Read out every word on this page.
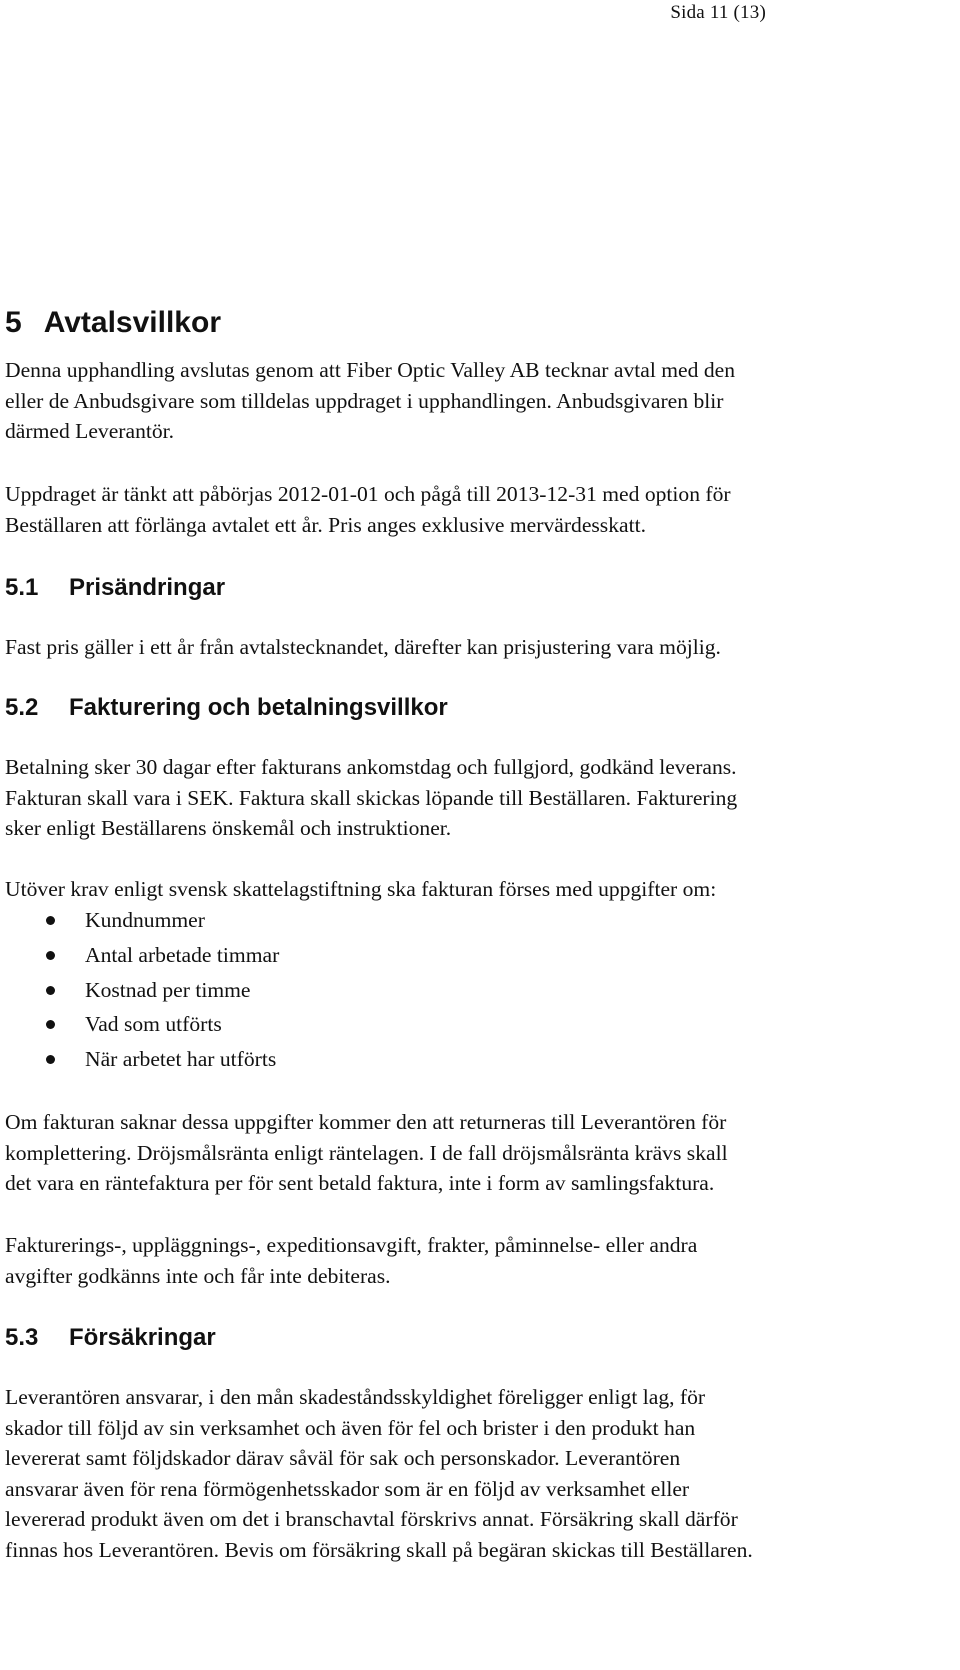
Sida 11 (13)
5 Avtalsvillkor
Denna upphandling avslutas genom att Fiber Optic Valley AB tecknar avtal med den
eller de Anbudsgivare som tilldelas uppdraget i upphandlingen. Anbudsgivaren blir
därmed Leverantör.
Uppdraget är tänkt att påbörjas 2012-01-01 och pågå till 2013-12-31 med option för
Beställaren att förlänga avtalet ett år. Pris anges exklusive mervärdesskatt.
5.1 Prisändringar
Fast pris gäller i ett år från avtalstecknandet, därefter kan prisjustering vara möjlig.
5.2 Fakturering och betalningsvillkor
Betalning sker 30 dagar efter fakturans ankomstdag och fullgjord, godkänd leverans.
Fakturan skall vara i SEK. Faktura skall skickas löpande till Beställaren. Fakturering
sker enligt Beställarens önskemål och instruktioner.
Utöver krav enligt svensk skattelagstiftning ska fakturan förses med uppgifter om:
Kundnummer
Antal arbetade timmar
Kostnad per timme
Vad som utförts
När arbetet har utförts
Om fakturan saknar dessa uppgifter kommer den att returneras till Leverantören för
komplettering. Dröjsmålsränta enligt räntelagen. I de fall dröjsmålsränta krävs skall
det vara en räntefaktura per för sent betald faktura, inte i form av samlingsfaktura.
Fakturerings-, uppläggnings-, expeditionsavgift, frakter, påminnelse- eller andra
avgifter godkänns inte och får inte debiteras.
5.3 Försäkringar
Leverantören ansvarar, i den mån skadeståndsskyldighet föreligger enligt lag, för
skador till följd av sin verksamhet och även för fel och brister i den produkt han
levererat samt följdskador därav såväl för sak och personskador. Leverantören
ansvarar även för rena förmögenhetsskador som är en följd av verksamhet eller
levererad produkt även om det i branschavtal förskrivs annat. Försäkring skall därför
finnas hos Leverantören. Bevis om försäkring skall på begäran skickas till Beställaren.
